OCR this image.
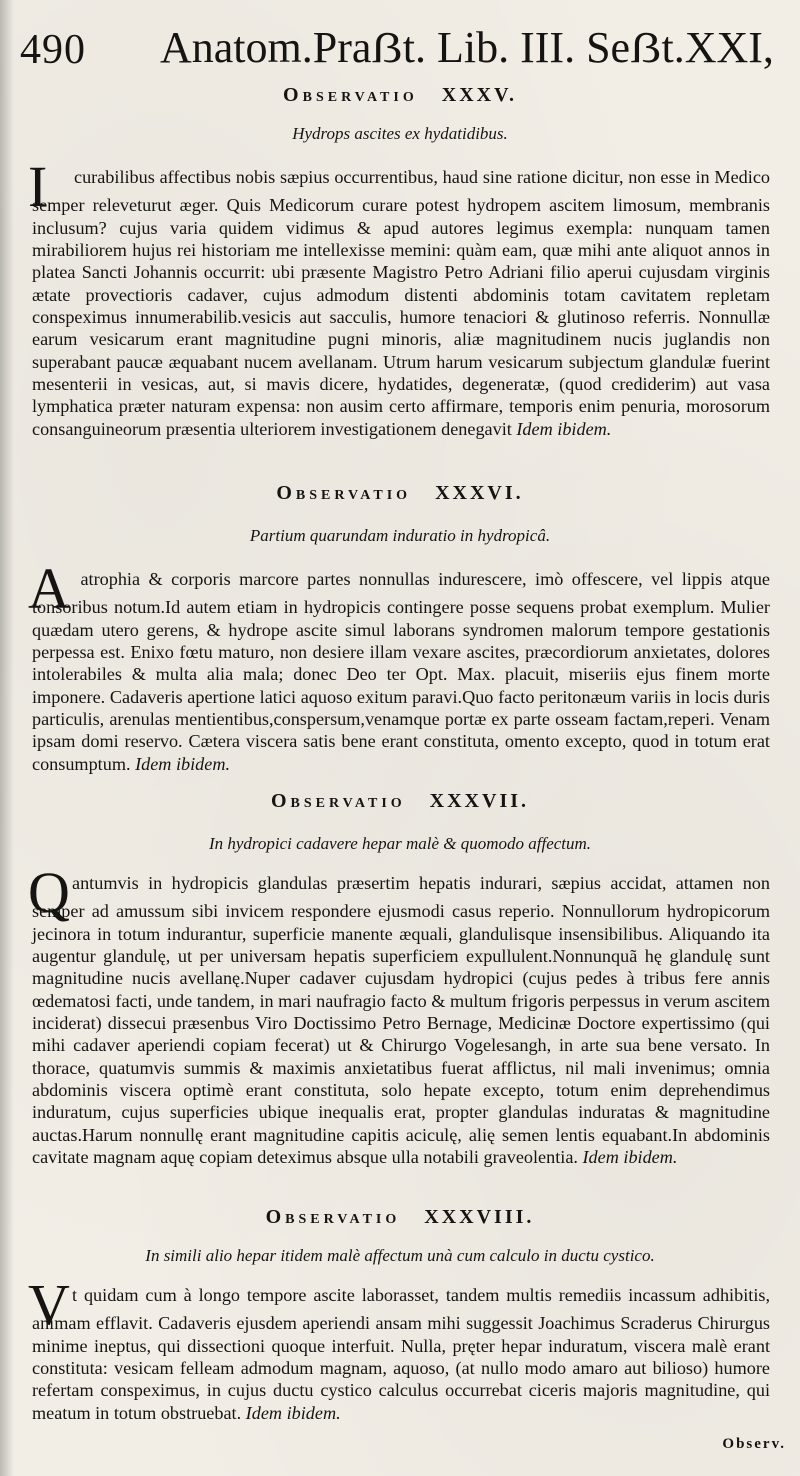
490 Anatom.Praẞt. Lib. III. Seẞt.XXI,
Observatio XXXV.
Hydrops ascites ex hydatidibus.
I
Ncurabilibus affectibus nobis sæpius occurrentibus, haud sine ratione dicitur, non esse in Medico semper releveturut æger. Quis Medicorum curare potest hydropem ascitem limosum, membranis inclusum? cujus varia quidem vidimus & apud autores legimus exempla: nunquam tamen mirabiliorem hujus rei historiam me intellexisse memini: quàm eam, quæ mihi ante aliquot annos in platea Sancti Johannis occurrit: ubi præsente Magistro Petro Adriani filio aperui cujusdam virginis ætate provectioris cadaver, cujus admodum distenti abdominis totam cavitatem repletam conspeximus innumerabilib.vesicis aut sacculis, humore tenaciori & glutinoso referris. Nonnullæ earum vesicarum erant magnitudine pugni minoris, aliæ magnitudinem nucis juglandis non superabant paucæ æquabant nucem avellanam. Utrum harum vesicarum subjectum glandulæ fuerint mesenterii in vesicas, aut, si mavis dicere, hydatides, degeneratæ, (quod crediderim) aut vasa lymphatica præter naturam expensa: non ausim certo affirmare, temporis enim penuria, morosorum consanguineorum præsentia ulteriorem investigationem denegavit Idem ibidem.
Observatio XXXVI.
Partium quarundam induratio in hydropicâ.
A atrophia & corporis marcore partes nonnullas indurescere, imò offescere, vel lippis atque tonsoribus notum.Id autem etiam in hydropicis contingere posse sequens probat exemplum. Mulier quædam utero gerens, & hydrope ascite simul laborans syndromen malorum tempore gestationis perpessa est. Enixo fœtu maturo, non desiere illam vexare ascites, præcordiorum anxietates, dolores intolerabiles & multa alia mala; donec Deo ter Opt. Max. placuit, miseriis ejus finem morte imponere. Cadaveris apertione latici aquoso exitum paravi.Quo facto peritonæum variis in locis duris particulis, arenulas mentientibus,conspersum,venamque portæ ex parte osseam factam,reperi. Venam ipsam domi reservo. Cætera viscera satis bene erant constituta, omento excepto, quod in totum erat consumptum. Idem ibidem.
Observatio XXXVII.
In hydropici cadavere hepar malè & quomodo affectum.
Q
Uantumvis in hydropicis glandulas præsertim hepatis indurari, sæpius accidat, attamen non semper ad amussum sibi invicem respondere ejusmodi casus reperio. Nonnullorum hydropicorum jecinora in totum indurantur, superficie manente æquali, glandulisque insensibilibus. Aliquando ita augentur glandulę, ut per universam hepatis superficiem expullulent.Nonnunquã hę glandulę sunt magnitudine nucis avellanę.Nuper cadaver cujusdam hydropici (cujus pedes à tribus fere annis œdematosi facti, unde tandem, in mari naufragio facto & multum frigoris perpessus in verum ascitem inciderat) dissecui præsenbus Viro Doctissimo Petro Bernage, Medicinæ Doctore expertissimo (qui mihi cadaver aperiendi copiam fecerat) ut & Chirurgo Vogelesangh, in arte sua bene versato. In thorace, quatumvis summis & maximis anxietatibus fuerat afflictus, nil mali invenimus; omnia abdominis viscera optimè erant constituta, solo hepate excepto, totum enim deprehendimus induratum, cujus superficies ubique inequalis erat, propter glandulas induratas & magnitudine auctas.Harum nonnullę erant magnitudine capitis aciculę, alię semen lentis equabant.In abdominis cavitate magnam aquę copiam deteximus absque ulla notabili graveolentia. Idem ibidem.
Observatio XXXVIII.
In simili alio hepar itidem malè affectum unà cum calculo in ductu cystico.
V
It quidam cum à longo tempore ascite laborasset, tandem multis remediis incassum adhibitis, animam efflavit. Cadaveris ejusdem aperiendi ansam mihi suggessit Joachimus Scraderus Chirurgus minime ineptus, qui dissectioni quoque interfuit. Nulla, pręter hepar induratum, viscera malè erant constituta: vesicam felleam admodum magnam, aquoso, (at nullo modo amaro aut bilioso) humore refertam conspeximus, in cujus ductu cystico calculus occurrebat ciceris majoris magnitudine, qui meatum in totum obstruebat. Idem ibidem.
Observ.
